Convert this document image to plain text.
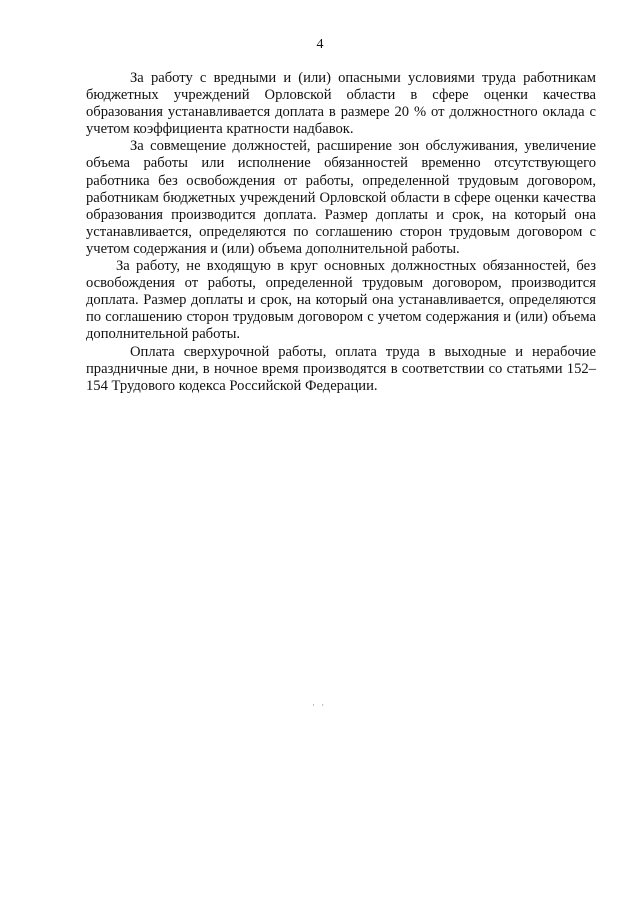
4

За работу с вредными и (или) опасными условиями труда работникам бюджетных учреждений Орловской области в сфере оценки качества образования устанавливается доплата в размере 20 % от должностного оклада с учетом коэффициента кратности надбавок.

За совмещение должностей, расширение зон обслуживания, увеличение объема работы или исполнение обязанностей временно отсутствующего работника без освобождения от работы, определенной трудовым договором, работникам бюджетных учреждений Орловской области в сфере оценки качества образования производится доплата. Размер доплаты и срок, на который она устанавливается, определяются по соглашению сторон трудовым договором с учетом содержания и (или) объема дополнительной работы.

За работу, не входящую в круг основных должностных обязанностей, без освобождения от работы, определенной трудовым договором, производится доплата. Размер доплаты и срок, на который она устанавливается, определяются по соглашению сторон трудовым договором с учетом содержания и (или) объема дополнительной работы.

Оплата сверхурочной работы, оплата труда в выходные и нерабочие праздничные дни, в ночное время производятся в соответствии со статьями 152–154 Трудового кодекса Российской Федерации.

· ·
